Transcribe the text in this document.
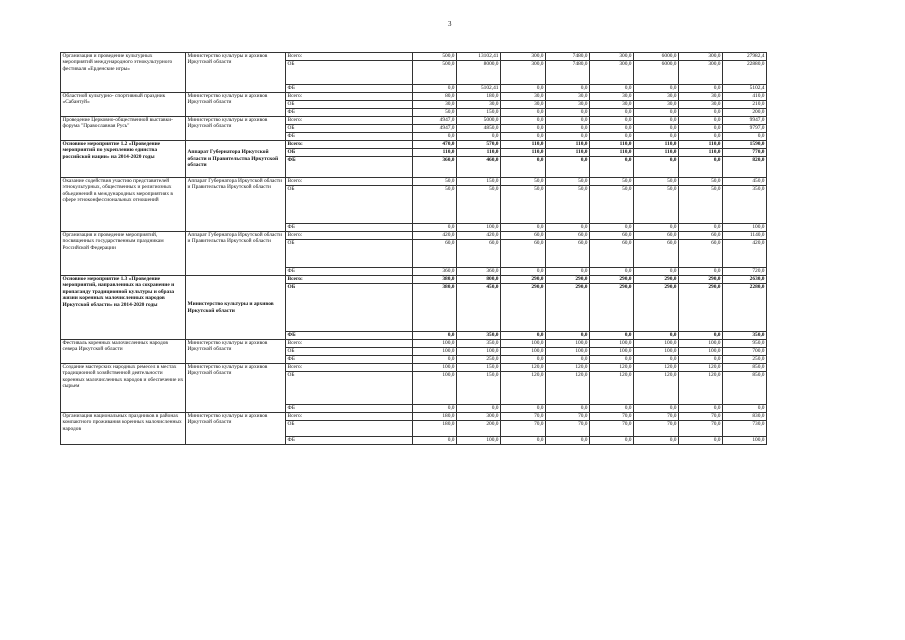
3
Организация и проведение культурных мероприятий международного этнокультурного фестиваля «Ерденские игры»	Министерство культуры и архивов Иркутской области	Всего:	500,0	13102,41	300,0	7480,0	300,0	6000,0	300,0	27982,4
		ОБ	500,0	8000,0	300,0	7480,0	300,0	6000,0	300,0	22880,0
		ФБ	0,0	5102,41	0,0	0,0	0,0	0,0	0,0	5102,4
Областной культурно- спортивный праздник «Сабантуй»	Министерство культуры и архивов Иркутской области	Всего:	80,0	180,0	30,0	30,0	30,0	30,0	30,0	410,0
		ОБ	30,0	30,0	30,0	30,0	30,0	30,0	30,0	210,0
		ФБ	50,0	150,0	0,0	0,0	0,0	0,0	0,0	200,0
Проведение Церковно-общественной выставки-форума "Православная Русь"	Министерство культуры и архивов Иркутской области	Всего:	4947,0	5000,0	0,0	0,0	0,0	0,0	0,0	9947,0
		ОБ	4947,0	4850,0	0,0	0,0	0,0	0,0	0,0	9797,0
		ФБ	0,0	0,0	0,0	0,0	0,0	0,0	0,0	0,0
Основное мероприятие 1.2 «Проведение мероприятий по укреплению единства российской нации» на 2014-2020 годы	Аппарат Губернатора Иркутской области и Правительства Иркутской области	Всего:	470,0	570,0	110,0	110,0	110,0	110,0	110,0	1590,0
		ОБ	110,0	110,0	110,0	110,0	110,0	110,0	110,0	770,0
		ФБ	360,0	460,0	0,0	0,0	0,0	0,0	0,0	820,0
Оказание содействия участию представителей этнокультурных, общественных и религиозных объединений в международных мероприятиях в сфере этноконфессиональных отношений	Аппарат Губернатора Иркутской области и Правительства Иркутской области	Всего:	50,0	150,0	50,0	50,0	50,0	50,0	50,0	450,0
		ОБ	50,0	50,0	50,0	50,0	50,0	50,0	50,0	350,0
		ФБ	0,0	100,0	0,0	0,0	0,0	0,0	0,0	100,0
Организация и проведение мероприятий, посвященных государственным праздникам Российской Федерации	Аппарат Губернатора Иркутской области и Правительства Иркутской области	Всего:	420,0	420,0	60,0	60,0	60,0	60,0	60,0	1140,0
		ОБ	60,0	60,0	60,0	60,0	60,0	60,0	60,0	420,0
		ФБ	360,0	360,0	0,0	0,0	0,0	0,0	0,0	720,0
Основное мероприятие 1.3 «Проведение мероприятий, направленных на сохранение и пропаганду традиционной культуры и образа жизни коренных малочисленных народов Иркутской области» на 2014-2020 годы	Министерство культуры и архивов Иркутской области	Всего:	380,0	800,0	290,0	290,0	290,0	290,0	290,0	2630,0
		ОБ	380,0	450,0	290,0	290,0	290,0	290,0	290,0	2280,0
		ФБ	0,0	350,0	0,0	0,0	0,0	0,0	0,0	350,0
Фестиваль коренных малочисленных народов севера Иркутской области	Министерство культуры и архивов Иркутской области	Всего:	100,0	350,0	100,0	100,0	100,0	100,0	100,0	950,0
		ОБ	100,0	100,0	100,0	100,0	100,0	100,0	100,0	700,0
		ФБ	0,0	250,0	0,0	0,0	0,0	0,0	0,0	250,0
Создание мастерских народных ремесел в местах традиционной хозяйственной деятельности коренных малочисленных народов и обеспечение их сырьем	Министерство культуры и архивов Иркутской области	Всего:	100,0	150,0	120,0	120,0	120,0	120,0	120,0	850,0
		ОБ	100,0	150,0	120,0	120,0	120,0	120,0	120,0	850,0
		ФБ	0,0	0,0	0,0	0,0	0,0	0,0	0,0	0,0
Организация национальных праздников в районах компактного проживания коренных малочисленных народов	Министерство культуры и архивов Иркутской области	Всего:	180,0	300,0	70,0	70,0	70,0	70,0	70,0	830,0
		ОБ	180,0	200,0	70,0	70,0	70,0	70,0	70,0	730,0
		ФБ	0,0	100,0	0,0	0,0	0,0	0,0	0,0	100,0
